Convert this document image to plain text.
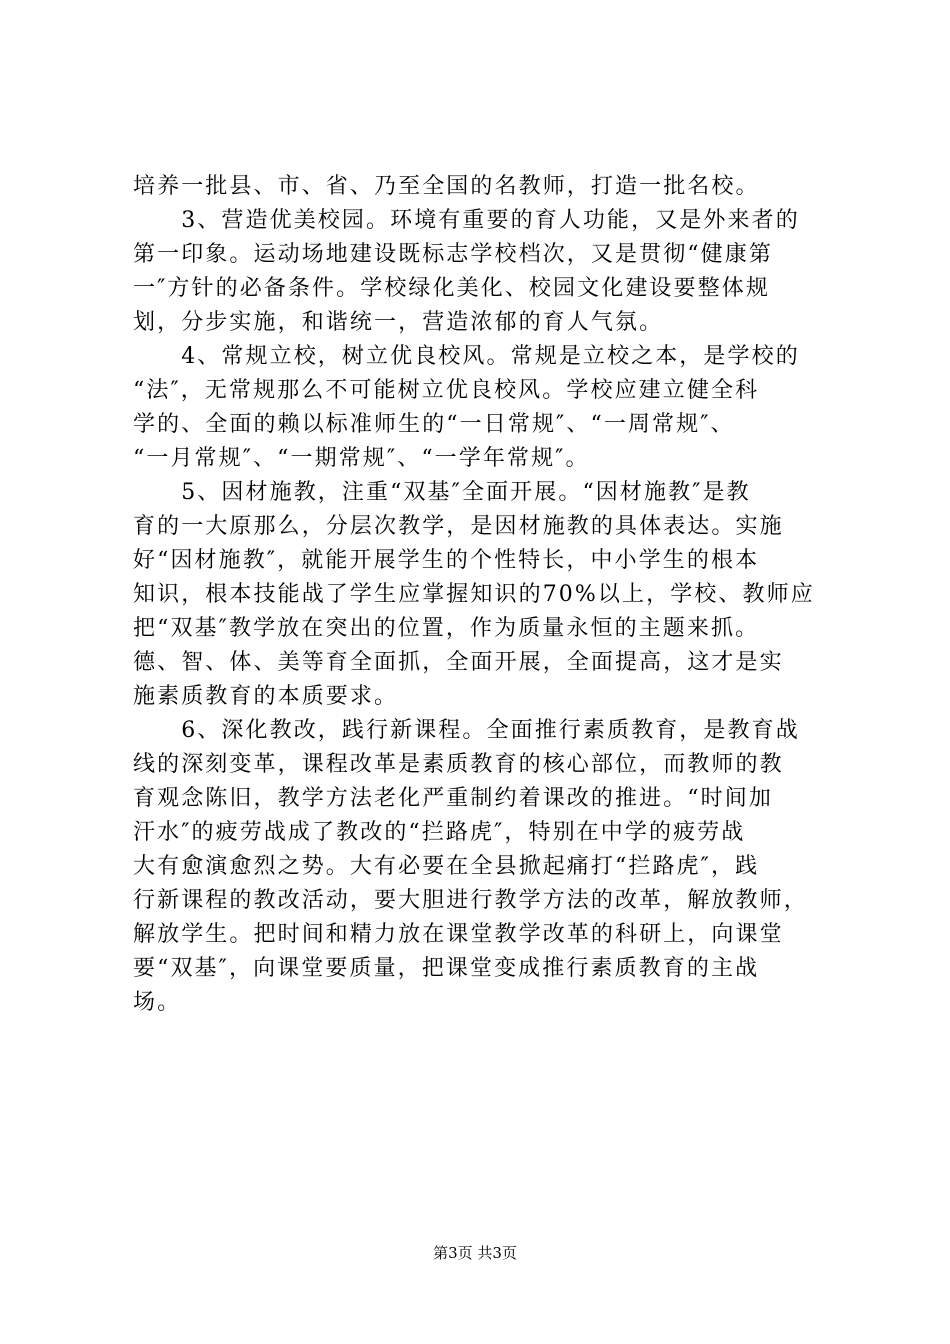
培养一批县、市、省、乃至全国的名教师，打造一批名校。
　　3、营造优美校园。环境有重要的育人功能，又是外来者的
第一印象。运动场地建设既标志学校档次，又是贯彻“健康第
一″方针的必备条件。学校绿化美化、校园文化建设要整体规
划，分步实施，和谐统一，营造浓郁的育人气氛。
　　4、常规立校，树立优良校风。常规是立校之本，是学校的
“法″，无常规那么不可能树立优良校风。学校应建立健全科
学的、全面的赖以标准师生的“一日常规″、“一周常规″、
“一月常规″、“一期常规″、“一学年常规″。
　　5、因材施教，注重“双基″全面开展。“因材施教″是教
育的一大原那么，分层次教学，是因材施教的具体表达。实施
好“因材施教″，就能开展学生的个性特长，中小学生的根本
知识，根本技能战了学生应掌握知识的70%以上，学校、教师应
把“双基″教学放在突出的位置，作为质量永恒的主题来抓。
德、智、体、美等育全面抓，全面开展，全面提高，这才是实
施素质教育的本质要求。
　　6、深化教改，践行新课程。全面推行素质教育，是教育战
线的深刻变革，课程改革是素质教育的核心部位，而教师的教
育观念陈旧，教学方法老化严重制约着课改的推进。“时间加
汗水″的疲劳战成了教改的“拦路虎″，特别在中学的疲劳战
大有愈演愈烈之势。大有必要在全县掀起痛打“拦路虎″，践
行新课程的教改活动，要大胆进行教学方法的改革，解放教师，
解放学生。把时间和精力放在课堂教学改革的科研上，向课堂
要“双基″，向课堂要质量，把课堂变成推行素质教育的主战
场。
第3页 共3页
